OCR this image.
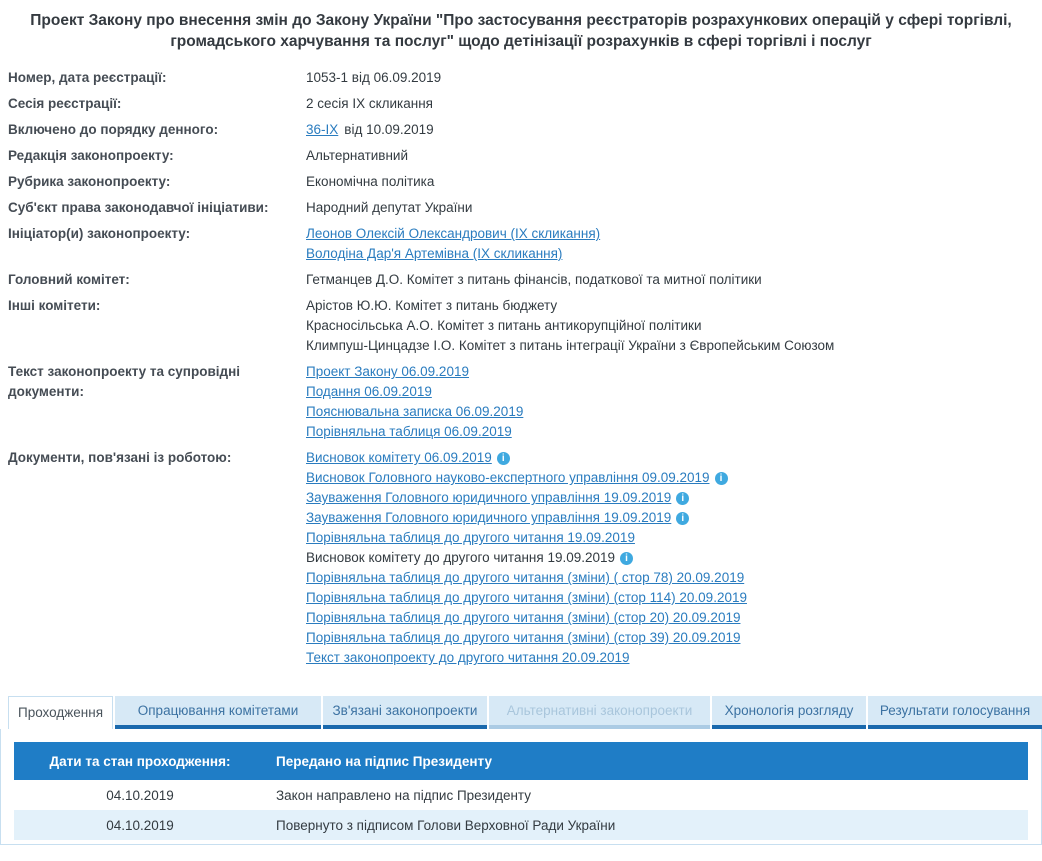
Проект Закону про внесення змін до Закону України "Про застосування реєстраторів розрахункових операцій у сфері торгівлі, громадського харчування та послуг" щодо детінізації розрахунків в сфері торгівлі і послуг
Номер, дата реєстрації:	1053-1 від 06.09.2019
Сесія реєстрації:	2 сесія IX скликання
Включено до порядку денного:	36-IX від 10.09.2019
Редакція законопроекту:	Альтернативний
Рубрика законопроекту:	Економічна політика
Суб'єкт права законодавчої ініціативи:	Народний депутат України
Ініціатор(и) законопроекту:	Леонов Олексій Олександрович (IX скликання)
Володіна Дар'я Артемівна (IX скликання)
Головний комітет:	Гетманцев Д.О. Комітет з питань фінансів, податкової та митної політики
Інші комітети:	Арістов Ю.Ю. Комітет з питань бюджету
Красносільська А.О. Комітет з питань антикорупційної політики
Климпуш-Цинцадзе І.О. Комітет з питань інтеграції України з Європейським Союзом
Текст законопроекту та супровідні документи:
Проект Закону 06.09.2019
Подання 06.09.2019
Пояснювальна записка 06.09.2019
Порівняльна таблиця 06.09.2019
Документи, пов'язані із роботою:	Висновок комітету 06.09.2019 i
Висновок Головного науково-експертного управління 09.09.2019 i
Зауваження Головного юридичного управління 19.09.2019 i
Зауваження Головного юридичного управління 19.09.2019 i
Порівняльна таблиця до другого читання 19.09.2019
Висновок комітету до другого читання 19.09.2019 i
Порівняльна таблиця до другого читання (зміни) ( стор 78) 20.09.2019
Порівняльна таблиця до другого читання (зміни) (стор 114) 20.09.2019
Порівняльна таблиця до другого читання (зміни) (стор 20) 20.09.2019
Порівняльна таблиця до другого читання (зміни) (стор 39) 20.09.2019
Текст законопроекту до другого читання 20.09.2019
Проходження	Опрацювання комітетами	Зв'язані законопроекти	Альтернативні законопроекти	Хронологія розгляду	Результати голосування
Дати та стан проходження:	Передано на підпис Президенту
04.10.2019	Закон направлено на підпис Президенту
04.10.2019	Повернуто з підписом Голови Верховної Ради України
